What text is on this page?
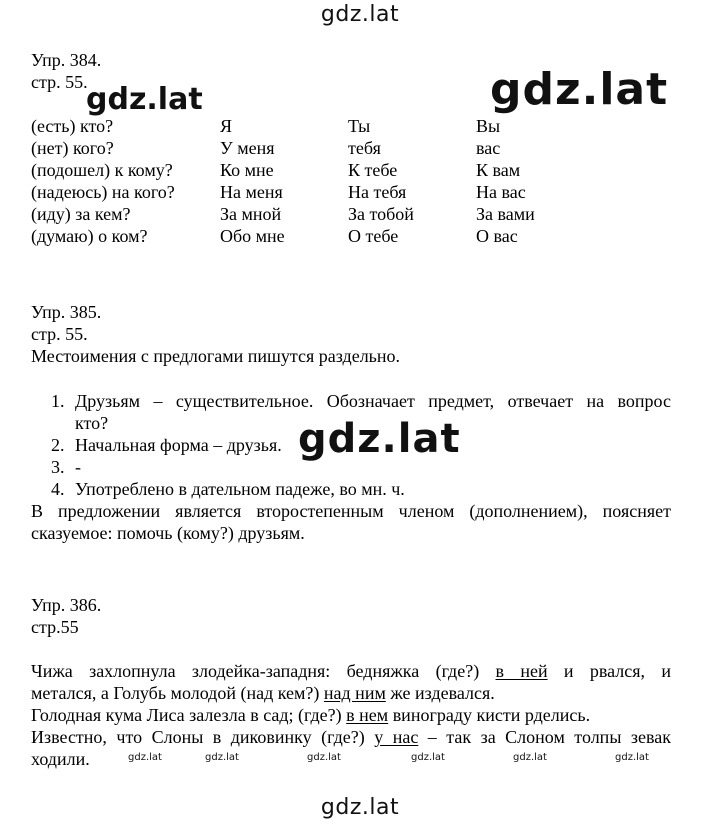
gdz.lat
gdz.lat
gdz.lat
gdz.lat
Упр. 384.
стр. 55.
(есть) кто?	Я	Ты	Вы
(нет) кого?	У меня	тебя	вас
(подошел) к кому?	Ко мне	К тебе	К вам
(надеюсь) на кого?	На меня	На тебя	На вас
(иду) за кем?	За мной	За тобой	За вами
(думаю) о ком?	Обо мне	О тебе	О вас
Упр. 385.
стр. 55.
Местоимения с предлогами пишутся раздельно.
1. Друзьям – существительное. Обозначает предмет, отвечает на вопрос
кто?
2. Начальная форма – друзья.
3. -
4. Употреблено в дательном падеже, во мн. ч.
В предложении является второстепенным членом (дополнением), поясняет
сказуемое: помочь (кому?) друзьям.
Упр. 386.
стр.55
Чижа захлопнула злодейка-западня: бедняжка (где?) в ней и рвался, и
метался, а Голубь молодой (над кем?) над ним же издевался.
Голодная кума Лиса залезла в сад; (где?) в нем винограду кисти рделись.
Известно, что Слоны в диковинку (где?) у нас – так за Слоном толпы зевак
ходили.	gdz.lat	gdz.lat	gdz.lat	gdz.lat	gdz.lat	gdz.lat
gdz.lat
